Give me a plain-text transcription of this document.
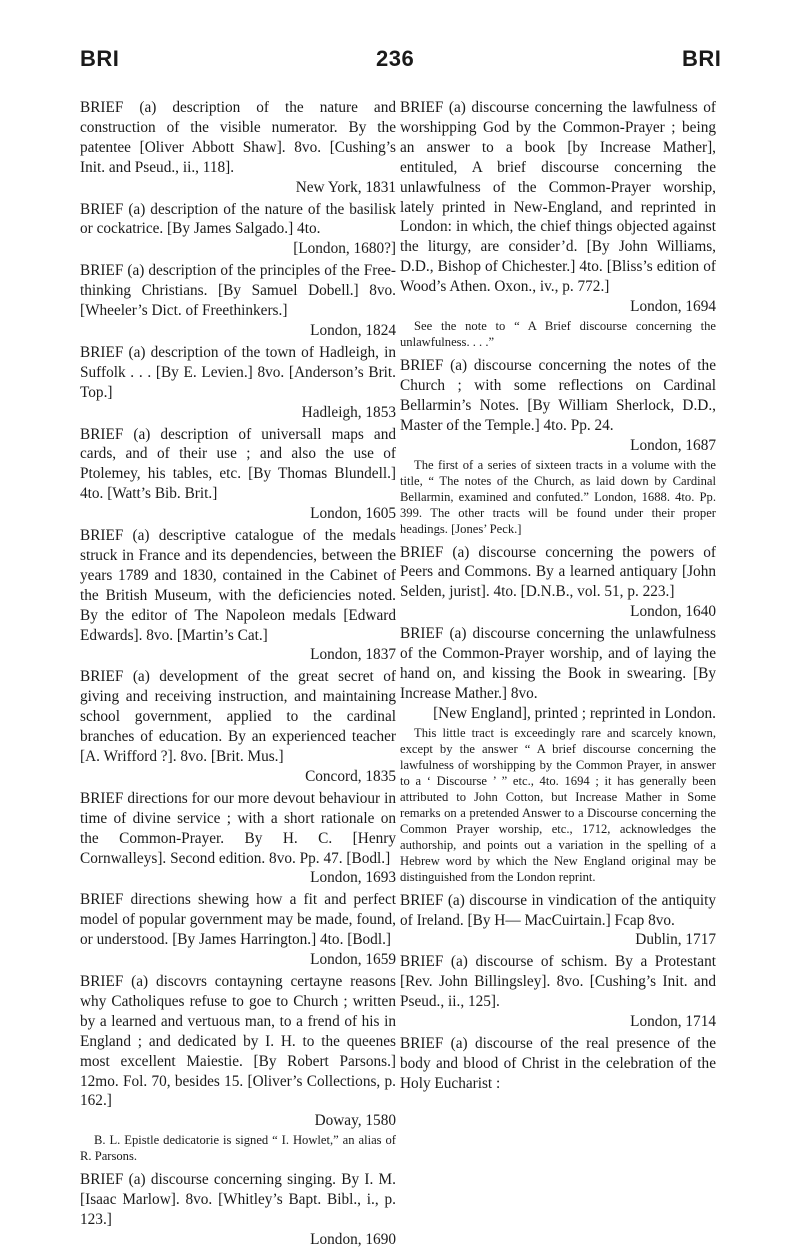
BRI	236	BRI
BRIEF (a) description of the nature and construction of the visible numerator. By the patentee [Oliver Abbott Shaw]. 8vo. [Cushing’s Init. and Pseud., ii., 118].
New York, 1831
BRIEF (a) description of the nature of the basilisk or cockatrice. [By James Salgado.] 4to.
[London, 1680?]
BRIEF (a) description of the principles of the Free-thinking Christians. [By Samuel Dobell.] 8vo. [Wheeler’s Dict. of Freethinkers.]
London, 1824
BRIEF (a) description of the town of Hadleigh, in Suffolk . . . [By E. Levien.] 8vo. [Anderson’s Brit. Top.]
Hadleigh, 1853
BRIEF (a) description of universall maps and cards, and of their use ; and also the use of Ptolemey, his tables, etc. [By Thomas Blundell.] 4to. [Watt’s Bib. Brit.]
London, 1605
BRIEF (a) descriptive catalogue of the medals struck in France and its dependencies, between the years 1789 and 1830, contained in the Cabinet of the British Museum, with the deficiencies noted. By the editor of The Napoleon medals [Edward Edwards]. 8vo. [Martin’s Cat.]
London, 1837
BRIEF (a) development of the great secret of giving and receiving instruction, and maintaining school government, applied to the cardinal branches of education. By an experienced teacher [A. Wrifford ?]. 8vo. [Brit. Mus.]
Concord, 1835
BRIEF directions for our more devout behaviour in time of divine service ; with a short rationale on the Common-Prayer. By H. C. [Henry Cornwalleys]. Second edition. 8vo. Pp. 47. [Bodl.]
London, 1693
BRIEF directions shewing how a fit and perfect model of popular government may be made, found, or understood. [By James Harrington.] 4to. [Bodl.]
London, 1659
BRIEF (a) discovrs contayning certayne reasons why Catholiques refuse to goe to Church ; written by a learned and vertuous man, to a frend of his in England ; and dedicated by I. H. to the queenes most excellent Maiestie. [By Robert Parsons.] 12mo. Fol. 70, besides 15. [Oliver’s Collections, p. 162.]
Doway, 1580
B. L. Epistle dedicatorie is signed “ I. Howlet,” an alias of R. Parsons.
BRIEF (a) discourse concerning singing. By I. M. [Isaac Marlow]. 8vo. [Whitley’s Bapt. Bibl., i., p. 123.]
London, 1690
BRIEF (a) discourse concerning the lawfulness of worshipping God by the Common-Prayer ; being an answer to a book [by Increase Mather], entituled, A brief discourse concerning the unlawfulness of the Common-Prayer worship, lately printed in New-England, and reprinted in London: in which, the chief things objected against the liturgy, are consider’d. [By John Williams, D.D., Bishop of Chichester.] 4to. [Bliss’s edition of Wood’s Athen. Oxon., iv., p. 772.]
London, 1694
See the note to “ A Brief discourse concerning the unlawfulness. . . .”
BRIEF (a) discourse concerning the notes of the Church ; with some reflections on Cardinal Bellarmin’s Notes. [By William Sherlock, D.D., Master of the Temple.] 4to. Pp. 24.
London, 1687
The first of a series of sixteen tracts in a volume with the title, “ The notes of the Church, as laid down by Cardinal Bellarmin, examined and confuted.” London, 1688. 4to. Pp. 399. The other tracts will be found under their proper headings. [Jones’ Peck.]
BRIEF (a) discourse concerning the powers of Peers and Commons. By a learned antiquary [John Selden, jurist]. 4to. [D.N.B., vol. 51, p. 223.]
London, 1640
BRIEF (a) discourse concerning the unlawfulness of the Common-Prayer worship, and of laying the hand on, and kissing the Book in swearing. [By Increase Mather.] 8vo.
[New England], printed ; reprinted in London.
This little tract is exceedingly rare and scarcely known, except by the answer “ A brief discourse concerning the lawfulness of worshipping by the Common Prayer, in answer to a ‘ Discourse ’ ” etc., 4to. 1694 ; it has generally been attributed to John Cotton, but Increase Mather in Some remarks on a pretended Answer to a Discourse concerning the Common Prayer worship, etc., 1712, acknowledges the authorship, and points out a variation in the spelling of a Hebrew word by which the New England original may be distinguished from the London reprint.
BRIEF (a) discourse in vindication of the antiquity of Ireland. [By H— MacCuirtain.] Fcap 8vo.
Dublin, 1717
BRIEF (a) discourse of schism. By a Protestant [Rev. John Billingsley]. 8vo. [Cushing’s Init. and Pseud., ii., 125].
London, 1714
BRIEF (a) discourse of the real presence of the body and blood of Christ in the celebration of the Holy Eucharist :
